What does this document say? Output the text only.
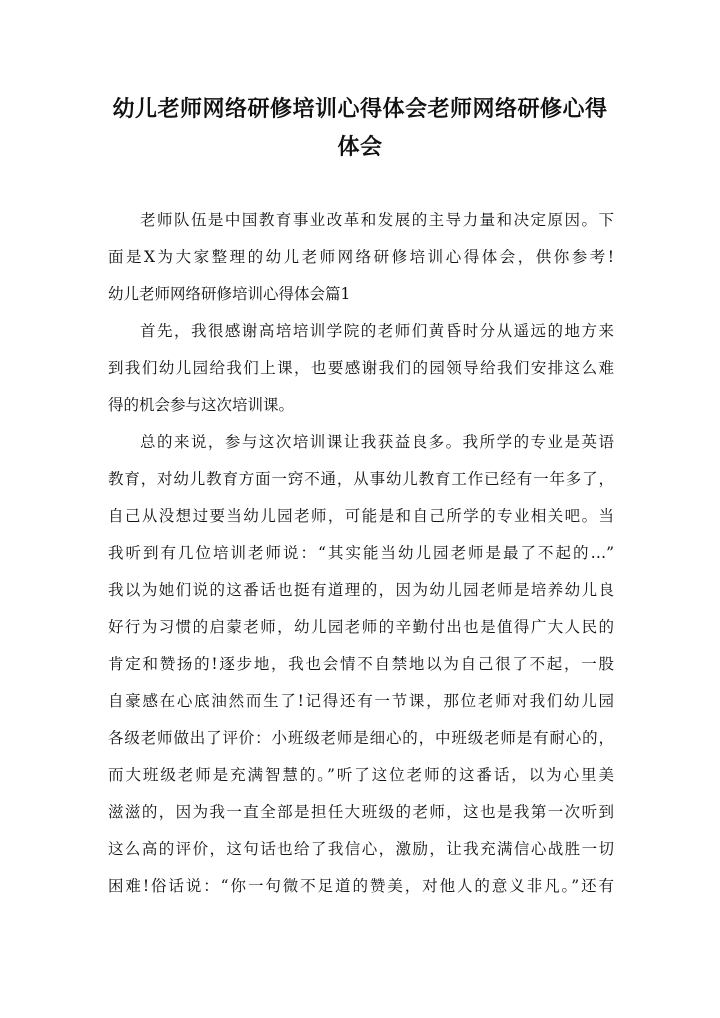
幼儿老师网络研修培训心得体会老师网络研修心得
体会
老师队伍是中国教育事业改革和发展的主导力量和决定原因。下
面是X为大家整理的幼儿老师网络研修培训心得体会，供你参考!
幼儿老师网络研修培训心得体会篇1
首先，我很感谢高培培训学院的老师们黄昏时分从遥远的地方来
到我们幼儿园给我们上课，也要感谢我们的园领导给我们安排这么难
得的机会参与这次培训课。
总的来说，参与这次培训课让我获益良多。我所学的专业是英语
教育，对幼儿教育方面一窍不通，从事幼儿教育工作已经有一年多了，
自己从没想过要当幼儿园老师，可能是和自己所学的专业相关吧。当
我听到有几位培训老师说：“其实能当幼儿园老师是最了不起的…”
我以为她们说的这番话也挺有道理的，因为幼儿园老师是培养幼儿良
好行为习惯的启蒙老师，幼儿园老师的辛勤付出也是值得广大人民的
肯定和赞扬的!逐步地，我也会情不自禁地以为自己很了不起，一股
自豪感在心底油然而生了!记得还有一节课，那位老师对我们幼儿园
各级老师做出了评价：小班级老师是细心的，中班级老师是有耐心的，
而大班级老师是充满智慧的。”听了这位老师的这番话，以为心里美
滋滋的，因为我一直全部是担任大班级的老师，这也是我第一次听到
这么高的评价，这句话也给了我信心，激励，让我充满信心战胜一切
困难!俗话说：“你一句微不足道的赞美，对他人的意义非凡。”还有
